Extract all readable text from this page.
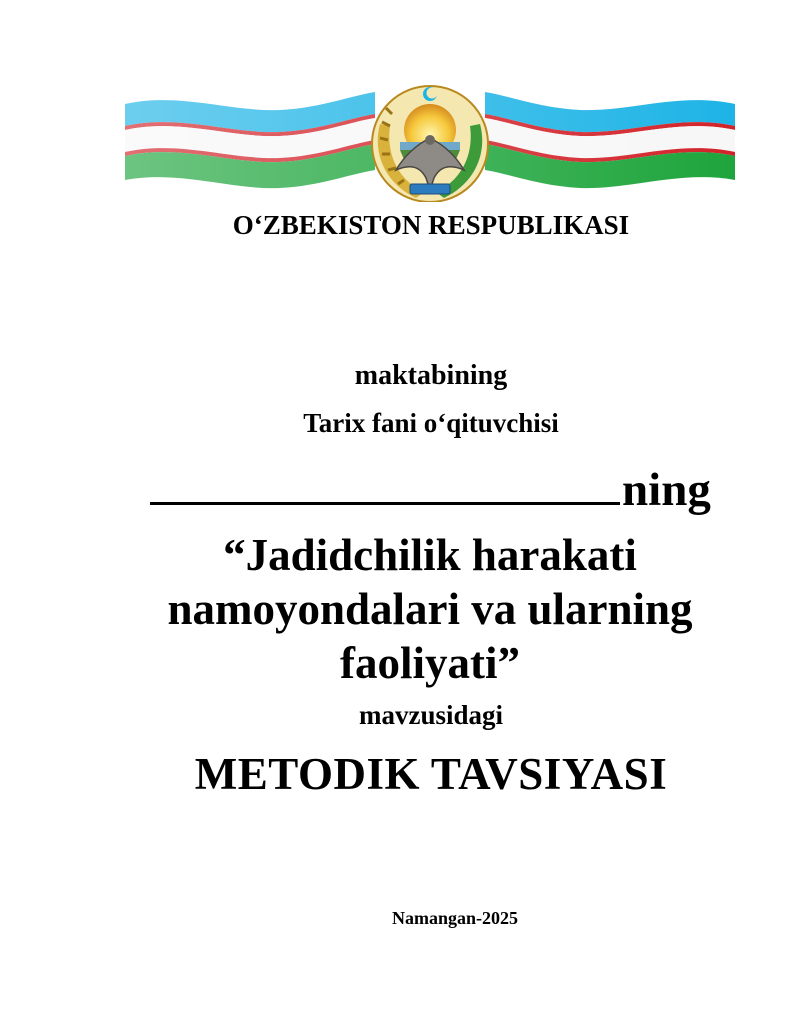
O‘ZBEKISTON RESPUBLIKASI
maktabining
Tarix fani o‘qituvchisi
ning
“Jadidchilik harakati
namoyondalari va ularning
faoliyati”
mavzusidagi
METODIK TAVSIYASI
Namangan-2025
